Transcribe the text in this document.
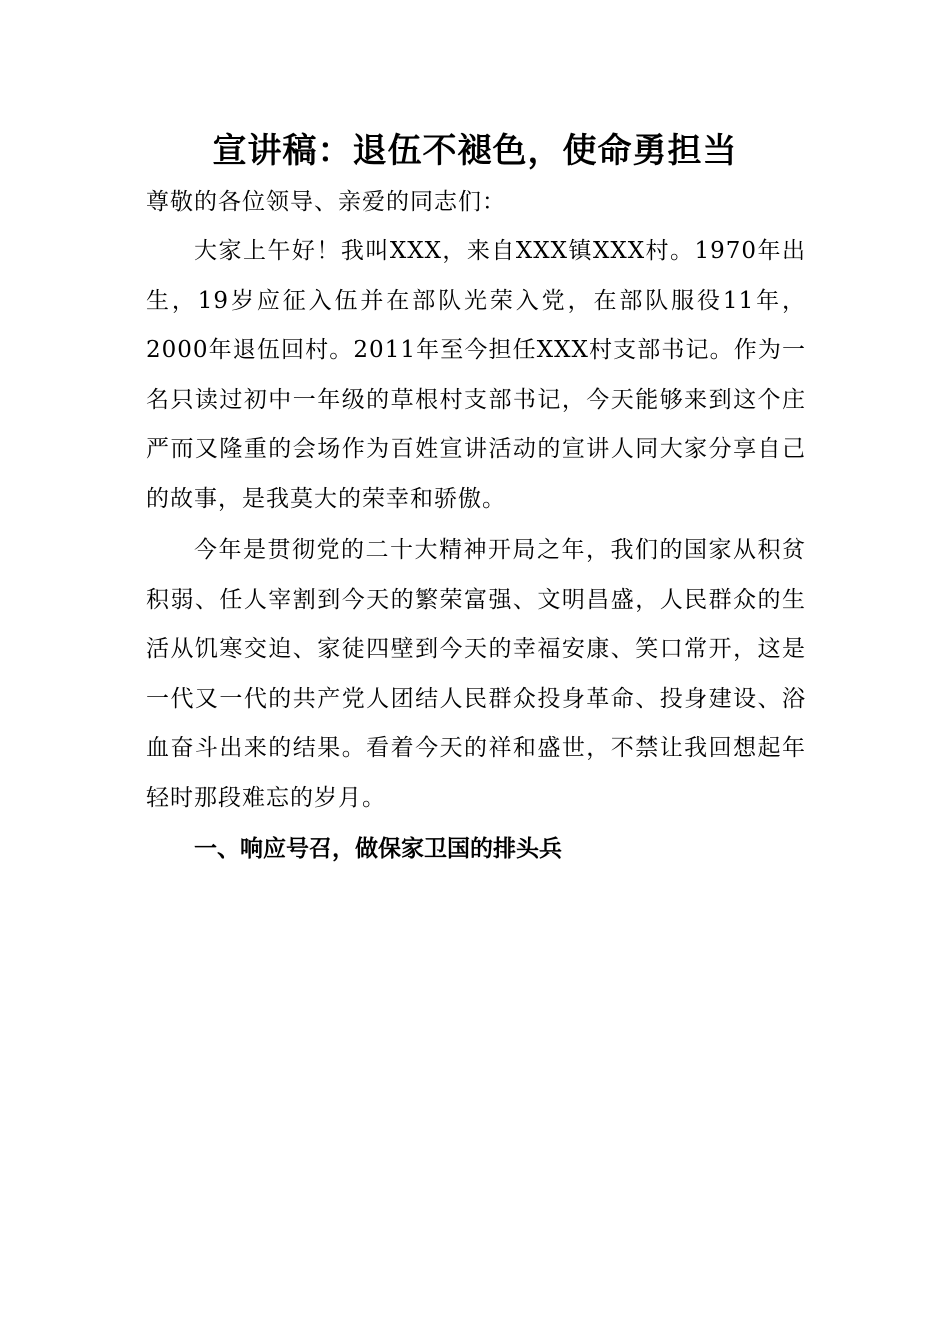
宣讲稿：退伍不褪色，使命勇担当

尊敬的各位领导、亲爱的同志们：

大家上午好！我叫XXX，来自XXX镇XXX村。1970年出生，19岁应征入伍并在部队光荣入党，在部队服役11年，2000年退伍回村。2011年至今担任XXX村支部书记。作为一名只读过初中一年级的草根村支部书记，今天能够来到这个庄严而又隆重的会场作为百姓宣讲活动的宣讲人同大家分享自己的故事，是我莫大的荣幸和骄傲。

今年是贯彻党的二十大精神开局之年，我们的国家从积贫积弱、任人宰割到今天的繁荣富强、文明昌盛，人民群众的生活从饥寒交迫、家徒四壁到今天的幸福安康、笑口常开，这是一代又一代的共产党人团结人民群众投身革命、投身建设、浴血奋斗出来的结果。看着今天的祥和盛世，不禁让我回想起年轻时那段难忘的岁月。

一、响应号召，做保家卫国的排头兵
